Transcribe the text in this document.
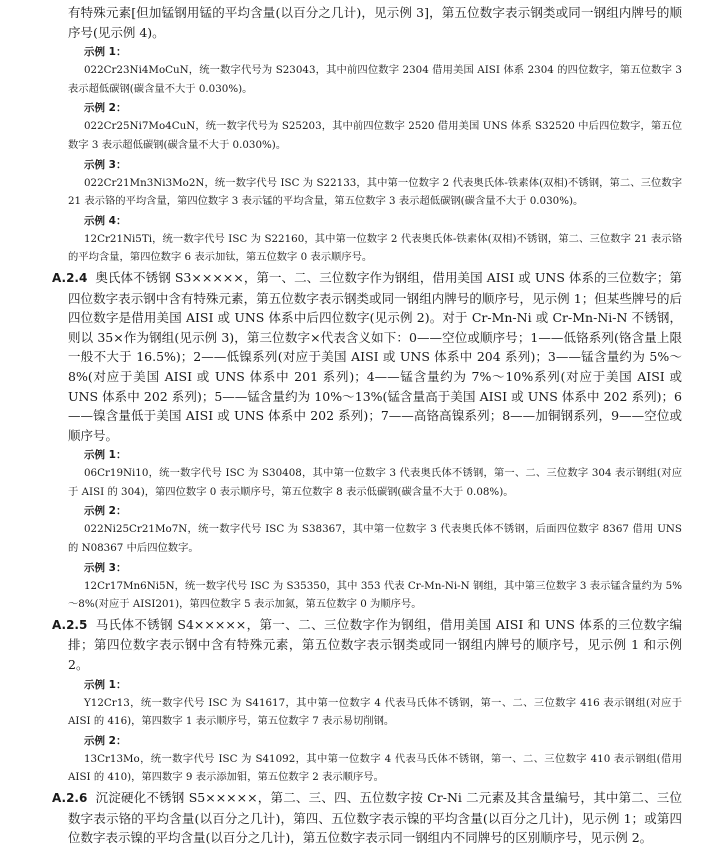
有特殊元素[但加锰钢用锰的平均含量(以百分之几计)，见示例 3]，第五位数字表示钢类或同一钢组内牌号的顺序号(见示例 4)。

示例 1：

022Cr23Ni4MoCuN，统一数字代号为 S23043，其中前四位数字 2304 借用美国 AISI 体系 2304 的四位数字，第五位数字 3 表示超低碳钢(碳含量不大于 0.030%)。

示例 2：

022Cr25Ni7Mo4CuN，统一数字代号为 S25203，其中前四位数字 2520 借用美国 UNS 体系 S32520 中后四位数字，第五位数字 3 表示超低碳钢(碳含量不大于 0.030%)。

示例 3：

022Cr21Mn3Ni3Mo2N，统一数字代号 ISC 为 S22133，其中第一位数字 2 代表奥氏体-铁素体(双相)不锈钢，第二、三位数字 21 表示铬的平均含量，第四位数字 3 表示锰的平均含量，第五位数字 3 表示超低碳钢(碳含量不大于 0.030%)。

示例 4：

12Cr21Ni5Ti，统一数字代号 ISC 为 S22160，其中第一位数字 2 代表奥氏体-铁素体(双相)不锈钢，第二、三位数字 21 表示铬的平均含量，第四位数字 6 表示加钛，第五位数字 0 表示顺序号。

A.2.4 奥氏体不锈钢 S3×××××，第一、二、三位数字作为钢组，借用美国 AISI 或 UNS 体系的三位数字；第四位数字表示钢中含有特殊元素，第五位数字表示钢类或同一钢组内牌号的顺序号，见示例 1；但某些牌号的后四位数字是借用美国 AISI 或 UNS 体系中后四位数字(见示例 2)。对于 Cr-Mn-Ni 或 Cr-Mn-Ni-N 不锈钢，则以 35×作为钢组(见示例 3)，第三位数字×代表含义如下：0——空位或顺序号；1——低铬系列(铬含量上限一般不大于 16.5%)；2——低镍系列(对应于美国 AISI 或 UNS 体系中 204 系列)；3——锰含量约为 5%～8%(对应于美国 AISI 或 UNS 体系中 201 系列)；4——锰含量约为 7%～10%系列(对应于美国 AISI 或 UNS 体系中 202 系列)；5——锰含量约为 10%～13%(锰含量高于美国 AISI 或 UNS 体系中 202 系列)；6——镍含量低于美国 AISI 或 UNS 体系中 202 系列)；7——高铬高镍系列；8——加铜钢系列，9——空位或顺序号。

示例 1：

06Cr19Ni10，统一数字代号 ISC 为 S30408，其中第一位数字 3 代表奥氏体不锈钢，第一、二、三位数字 304 表示钢组(对应于 AISI 的 304)，第四位数字 0 表示顺序号，第五位数字 8 表示低碳钢(碳含量不大于 0.08%)。

示例 2：

022Ni25Cr21Mo7N，统一数字代号 ISC 为 S38367，其中第一位数字 3 代表奥氏体不锈钢，后面四位数字 8367 借用 UNS 的 N08367 中后四位数字。

示例 3：

12Cr17Mn6Ni5N，统一数字代号 ISC 为 S35350，其中 353 代表 Cr-Mn-Ni-N 钢组，其中第三位数字 3 表示锰含量约为 5%～8%(对应于 AISI201)，第四位数字 5 表示加氮，第五位数字 0 为顺序号。

A.2.5 马氏体不锈钢 S4×××××，第一、二、三位数字作为钢组，借用美国 AISI 和 UNS 体系的三位数字编排；第四位数字表示钢中含有特殊元素，第五位数字表示钢类或同一钢组内牌号的顺序号，见示例 1 和示例 2。

示例 1：

Y12Cr13，统一数字代号 ISC 为 S41617，其中第一位数字 4 代表马氏体不锈钢，第一、二、三位数字 416 表示钢组(对应于 AISI 的 416)，第四数字 1 表示顺序号，第五位数字 7 表示易切削钢。

示例 2：

13Cr13Mo，统一数字代号 ISC 为 S41092，其中第一位数字 4 代表马氏体不锈钢，第一、二、三位数字 410 表示钢组(借用 AISI 的 410)，第四数字 9 表示添加钼，第五位数字 2 表示顺序号。

A.2.6 沉淀硬化不锈钢 S5×××××，第二、三、四、五位数字按 Cr-Ni 二元素及其含量编号，其中第二、三位数字表示铬的平均含量(以百分之几计)，第四、五位数字表示镍的平均含量(以百分之几计)，见示例 1；或第四位数字表示镍的平均含量(以百分之几计)，第五位数字表示同一钢组内不同牌号的区别顺序号，见示例 2。
